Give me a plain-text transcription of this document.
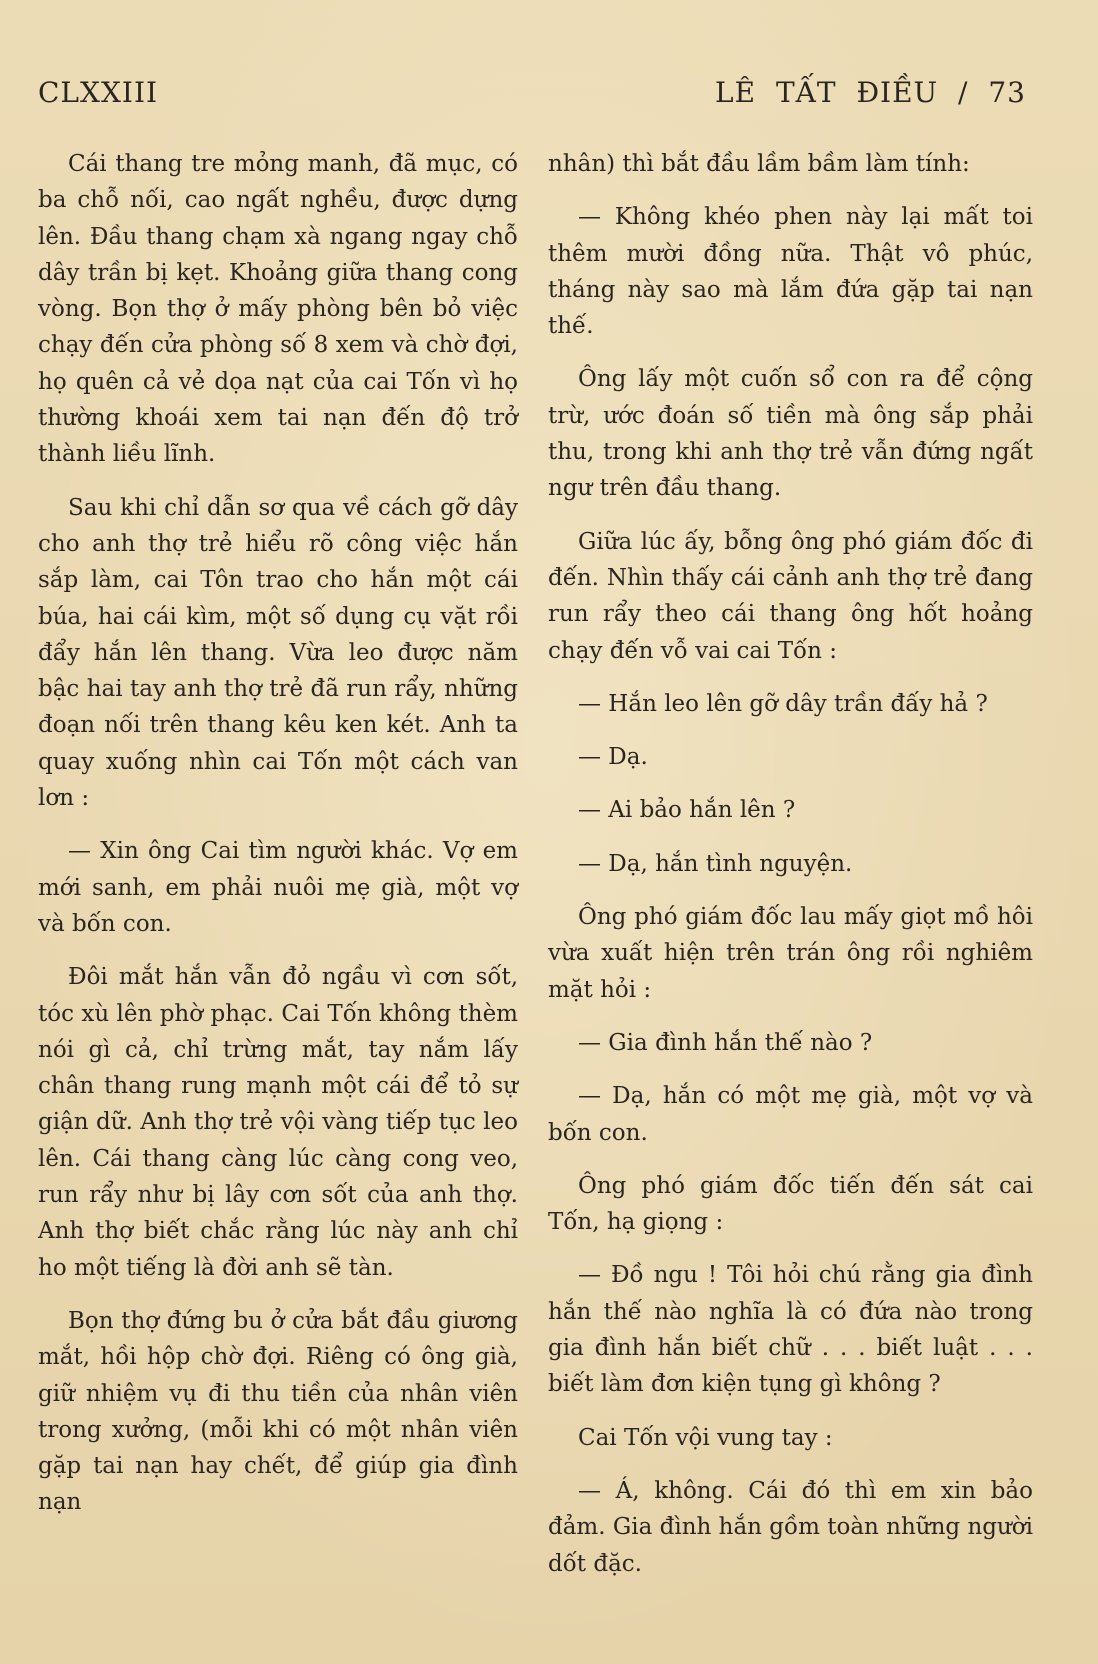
CLXXIII	LÊ TẤT ĐIỀU / 73

Cái thang tre mỏng manh, đã mục, có ba chỗ nối, cao ngất nghều, được dựng lên. Đầu thang chạm xà ngang ngay chỗ dây trần bị kẹt. Khoảng giữa thang cong vòng. Bọn thợ ở mấy phòng bên bỏ việc chạy đến cửa phòng số 8 xem và chờ đợi, họ quên cả vẻ dọa nạt của cai Tốn vì họ thường khoái xem tai nạn đến độ trở thành liều lĩnh.

Sau khi chỉ dẫn sơ qua về cách gỡ dây cho anh thợ trẻ hiểu rõ công việc hắn sắp làm, cai Tôn trao cho hắn một cái búa, hai cái kìm, một số dụng cụ vặt rồi đẩy hắn lên thang. Vừa leo được năm bậc hai tay anh thợ trẻ đã run rẩy, những đoạn nối trên thang kêu ken két. Anh ta quay xuống nhìn cai Tốn một cách van lơn :

— Xin ông Cai tìm người khác. Vợ em mới sanh, em phải nuôi mẹ già, một vợ và bốn con.

Đôi mắt hắn vẫn đỏ ngầu vì cơn sốt, tóc xù lên phờ phạc. Cai Tốn không thèm nói gì cả, chỉ trừng mắt, tay nắm lấy chân thang rung mạnh một cái để tỏ sự giận dữ. Anh thợ trẻ vội vàng tiếp tục leo lên. Cái thang càng lúc càng cong veo, run rẩy như bị lây cơn sốt của anh thợ. Anh thợ biết chắc rằng lúc này anh chỉ ho một tiếng là đời anh sẽ tàn.

Bọn thợ đứng bu ở cửa bắt đầu giương mắt, hồi hộp chờ đợi. Riêng có ông già, giữ nhiệm vụ đi thu tiền của nhân viên trong xưởng, (mỗi khi có một nhân viên gặp tai nạn hay chết, để giúp gia đình nạn

nhân) thì bắt đầu lầm bầm làm tính:

— Không khéo phen này lại mất toi thêm mười đồng nữa. Thật vô phúc, tháng này sao mà lắm đứa gặp tai nạn thế.

Ông lấy một cuốn sổ con ra để cộng trừ, ước đoán số tiền mà ông sắp phải thu, trong khi anh thợ trẻ vẫn đứng ngất ngư trên đầu thang.

Giữa lúc ấy, bỗng ông phó giám đốc đi đến. Nhìn thấy cái cảnh anh thợ trẻ đang run rẩy theo cái thang ông hốt hoảng chạy đến vỗ vai cai Tốn :

— Hắn leo lên gỡ dây trần đấy hả ?

— Dạ.

— Ai bảo hắn lên ?

— Dạ, hắn tình nguyện.

Ông phó giám đốc lau mấy giọt mồ hôi vừa xuất hiện trên trán ông rồi nghiêm mặt hỏi :

— Gia đình hắn thế nào ?

— Dạ, hắn có một mẹ già, một vợ và bốn con.

Ông phó giám đốc tiến đến sát cai Tốn, hạ giọng :

— Đồ ngu ! Tôi hỏi chú rằng gia đình hắn thế nào nghĩa là có đứa nào trong gia đình hắn biết chữ . . . biết luật . . . biết làm đơn kiện tụng gì không ?

Cai Tốn vội vung tay :

— Á, không. Cái đó thì em xin bảo đảm. Gia đình hắn gồm toàn những người dốt đặc.
